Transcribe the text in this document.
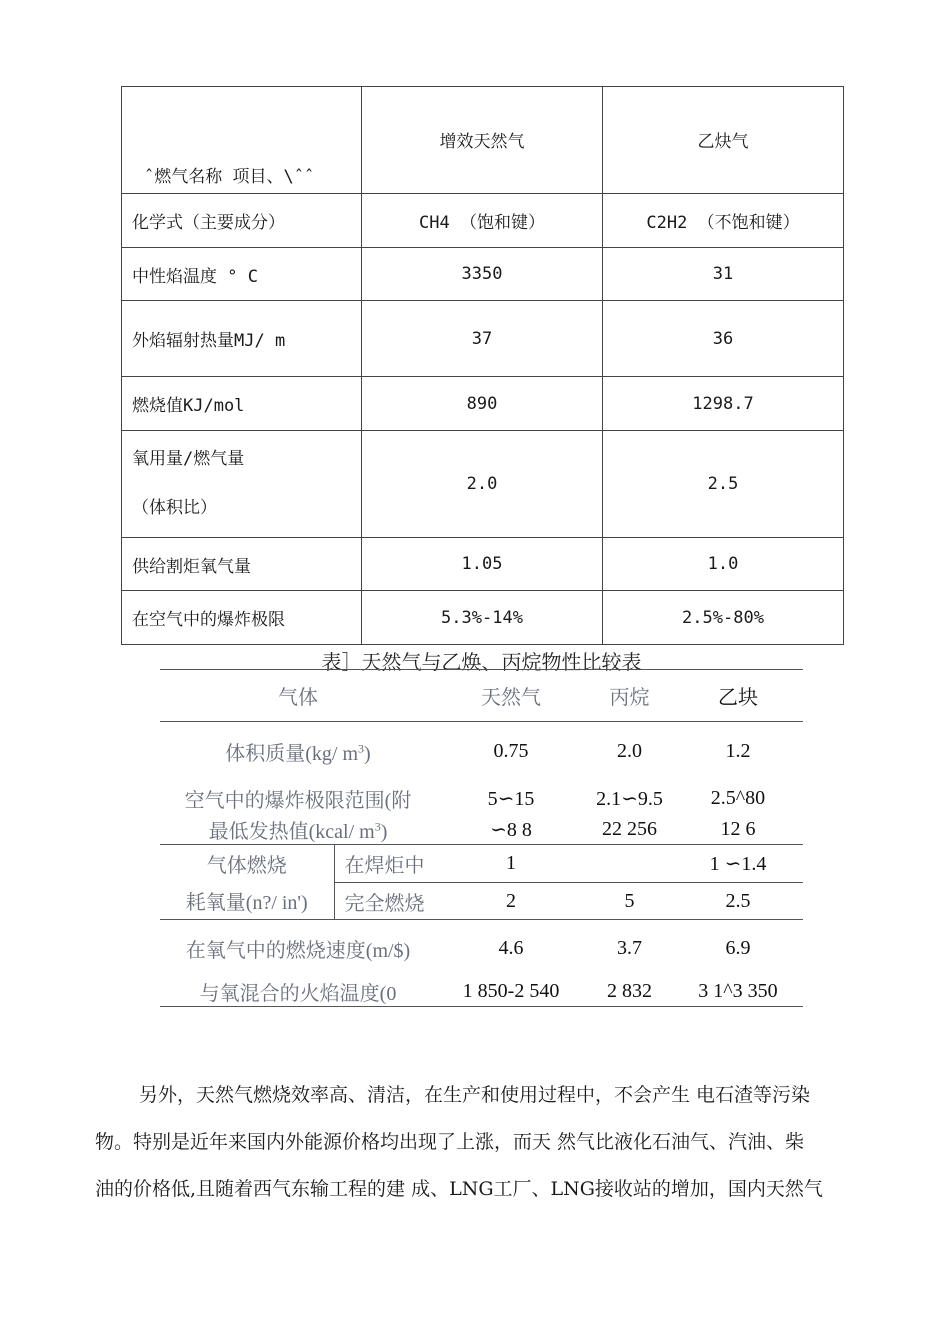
ˆ燃气名称 项目、\ˆˆ	增效天然气	乙炔气
化学式（主要成分）	CH4 （饱和键）	C2H2 （不饱和键）
中性焰温度 ° C	3350	31
外焰辐射热量MJ/ m	37	36
燃烧值KJ/mol	890	1298.7
氧用量/燃气量
（体积比）	2.0	2.5
供给割炬氧气量	1.05	1.0
在空气中的爆炸极限	5.3%-14%	2.5%-80%
表］天然气与乙焕、丙烷物性比较表
气体		天然气	丙烷	乙块
体积质量(kg/ $m^3$)		0.75	2.0	1.2
空气中的爆炸极限范围(附		5∽15	2.1∽9.5	2.5^80
最低发热值(kcal/ $m^3$)		∽8 8	22 256	12 6
气体燃烧	在焊炬中	1		1 ∽1.4
耗氧量(n?/ in')	完全燃烧	2	5	2.5
在氧气中的燃烧速度(m/$)		4.6	3.7	6.9
与氧混合的火焰温度(0		1 850-2 540	2 832	3 1^3 350
另外，天然气燃烧效率高、清洁，在生产和使用过程中，不会产生 电石渣等污染
物。特别是近年来国内外能源价格均出现了上涨，而天 然气比液化石油气、汽油、柴
油的价格低,且随着西气东输工程的建 成、LNG工厂、LNG接收站的增加，国内天然气
